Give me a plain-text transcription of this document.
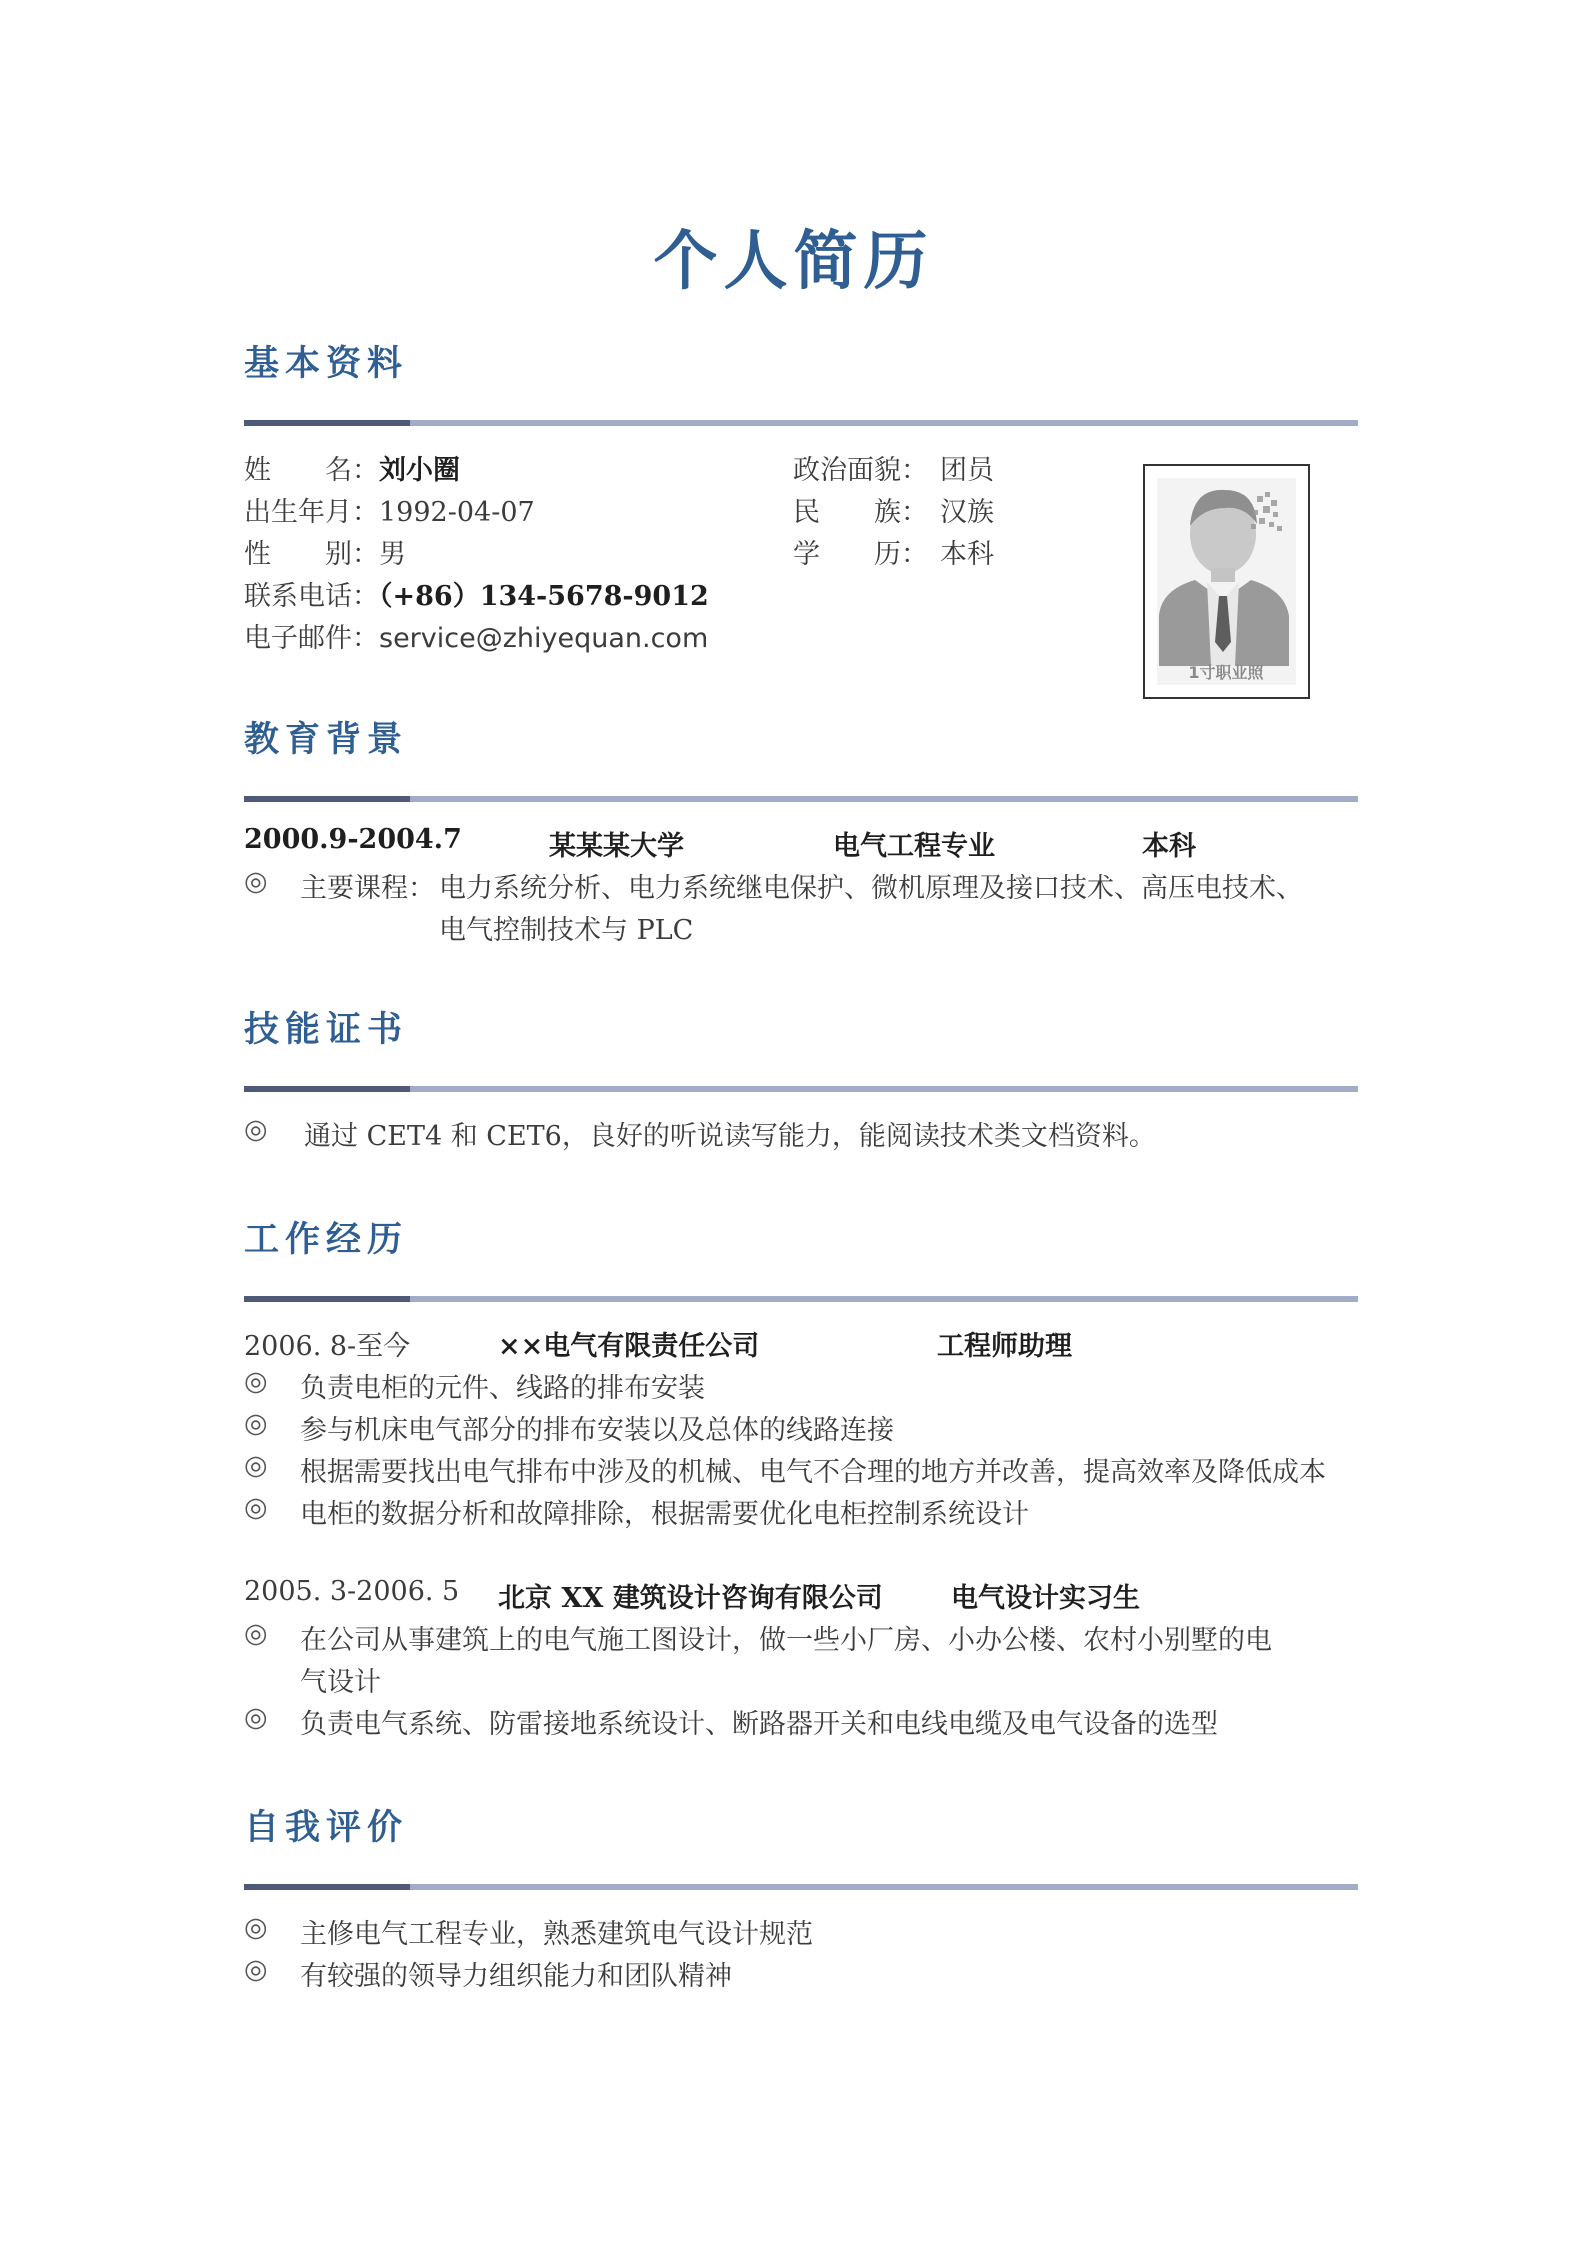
个人简历
基本资料
姓　　名：刘小圈
出生年月：1992-04-07
性　　别：男
联系电话：（+86）134-5678-9012
电子邮件：service@zhiyequan.com
政治面貌： 团员
民　　族： 汉族
学　　历： 本科
1寸职业照
教育背景
2000.9-2004.7	某某某大学	电气工程专业	本科
◎ 主要课程： 电力系统分析、电力系统继电保护、微机原理及接口技术、高压电技术、
电气控制技术与 PLC
技能证书
◎ 通过 CET4 和 CET6，良好的听说读写能力，能阅读技术类文档资料。
工作经历
2006. 8-至今	××电气有限责任公司	工程师助理
◎ 负责电柜的元件、线路的排布安装
◎ 参与机床电气部分的排布安装以及总体的线路连接
◎ 根据需要找出电气排布中涉及的机械、电气不合理的地方并改善，提高效率及降低成本
◎ 电柜的数据分析和故障排除，根据需要优化电柜控制系统设计
2005. 3-2006. 5 北京 XX 建筑设计咨询有限公司	电气设计实习生
◎ 在公司从事建筑上的电气施工图设计，做一些小厂房、小办公楼、农村小别墅的电
气设计
◎ 负责电气系统、防雷接地系统设计、断路器开关和电线电缆及电气设备的选型
自我评价
◎ 主修电气工程专业，熟悉建筑电气设计规范
◎ 有较强的领导力组织能力和团队精神
